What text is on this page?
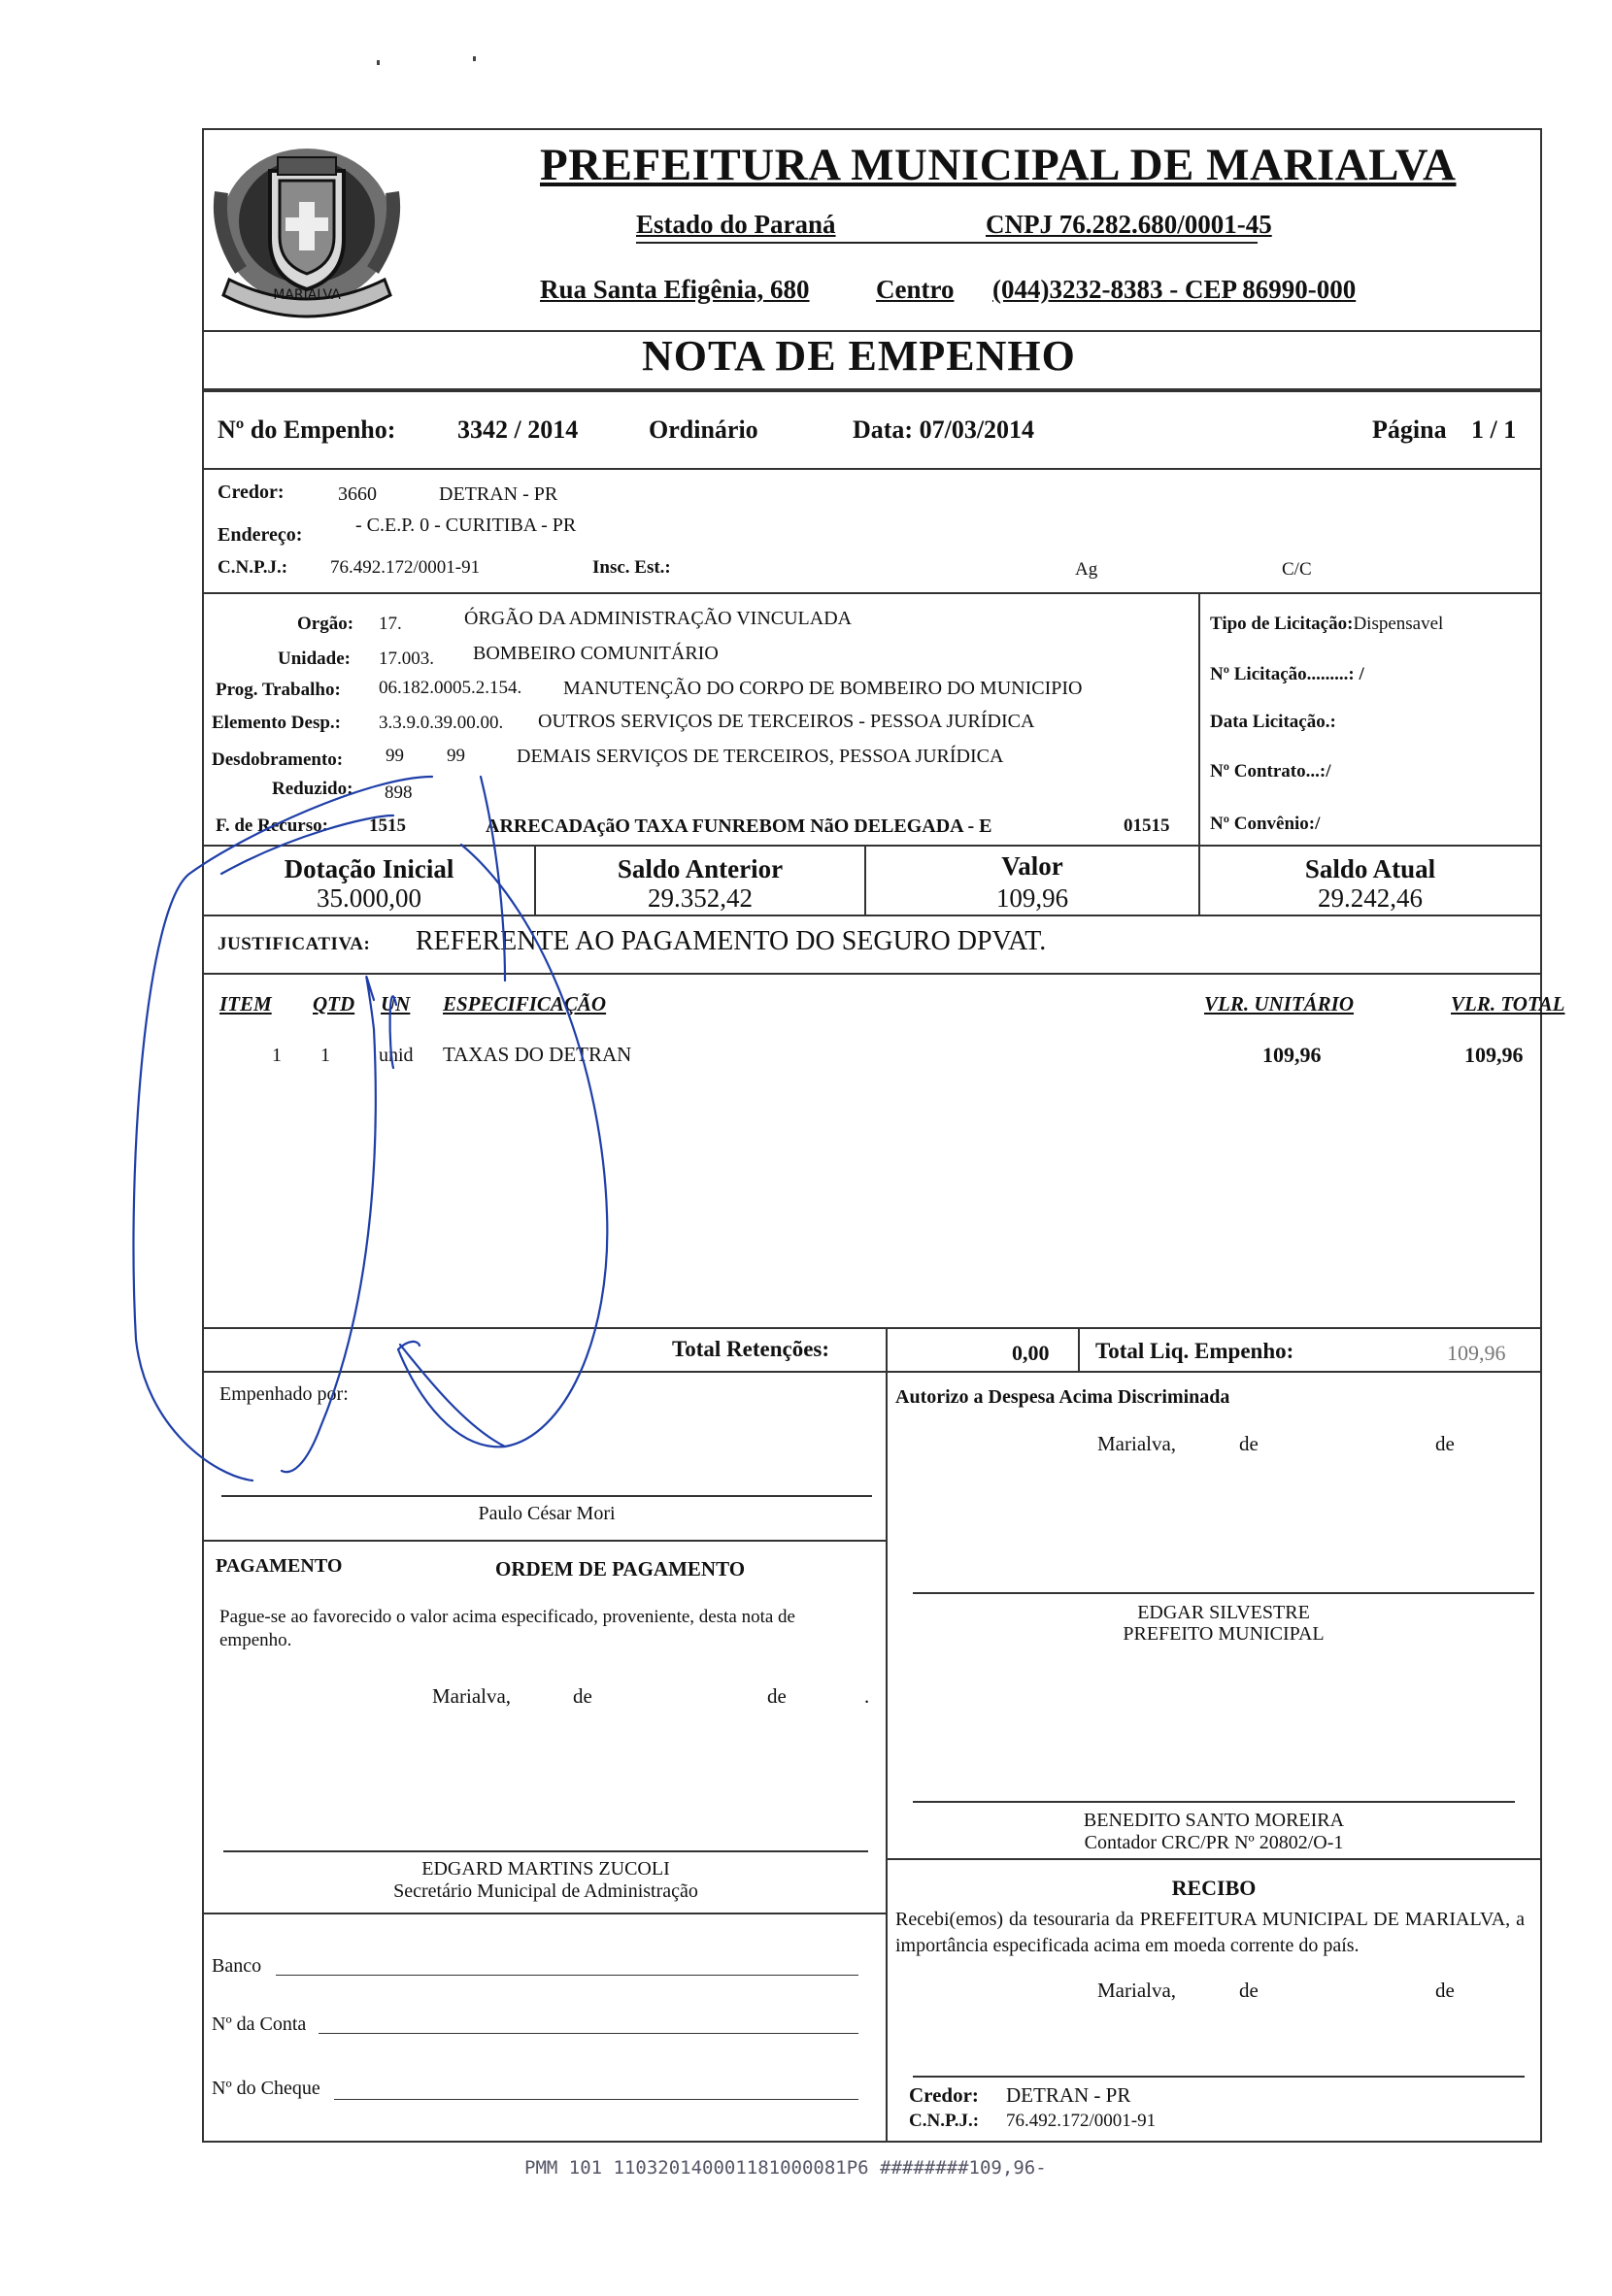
MARIALVA
PREFEITURA MUNICIPAL DE MARIALVA
Estado do Paraná	CNPJ 76.282.680/0001-45
Rua Santa Efigênia, 680	Centro (044)3232-8383 - CEP 86990-000
NOTA DE EMPENHO
Nº do Empenho: 3342 / 2014	Ordinário	Data: 07/03/2014	Página 1 / 1
Credor:	3660	DETRAN - PR
Endereço:	- C.E.P. 0 - CURITIBA - PR
C.N.P.J.: 76.492.172/0001-91	Insc. Est.:	Ag	C/C
Orgão: 17.	ÓRGÃO DA ADMINISTRAÇÃO VINCULADA
Unidade: 17.003. BOMBEIRO COMUNITÁRIO
Prog. Trabalho: 06.182.0005.2.154. MANUTENÇÃO DO CORPO DE BOMBEIRO DO MUNICIPIO
Elemento Desp.: 3.3.9.0.39.00.00. OUTROS SERVIÇOS DE TERCEIROS - PESSOA JURÍDICA
Desdobramento: 99 99	DEMAIS SERVIÇOS DE TERCEIROS, PESSOA JURÍDICA
Reduzido: 898
F. de Recurso: 1515	ARRECADAçãO TAXA FUNREBOM NãO DELEGADA - E	01515
Tipo de Licitação:Dispensavel
Nº Licitação.........: /
Data Licitação.:
Nº Contrato...:/
Nº Convênio:/
Dotação Inicial
35.000,00
Saldo Anterior
29.352,42
Valor
109,96
Saldo Atual
29.242,46
JUSTIFICATIVA: REFERENTE AO PAGAMENTO DO SEGURO DPVAT.
ITEM QTD UN ESPECIFICAÇÃO	VLR. UNITÁRIO	VLR. TOTAL
1 1	unid TAXAS DO DETRAN	109,96	109,96
Total Retenções:	0,00 Total Liq. Empenho:	109,96
Empenhado por:	Autorizo a Despesa Acima Discriminada
Marialva,	de	de
Paulo César Mori
PAGAMENTO	ORDEM DE PAGAMENTO
Pague-se ao favorecido o valor acima especificado, proveniente, desta nota de empenho.
Marialva,	de	de	.
EDGAR SILVESTRE
PREFEITO MUNICIPAL
BENEDITO SANTO MOREIRA
Contador CRC/PR Nº 20802/O-1
EDGARD MARTINS ZUCOLI
Secretário Municipal de Administração	RECIBO
Recebi(emos) da tesouraria da PREFEITURA MUNICIPAL DE MARIALVA, a importância especificada acima em moeda corrente do país.
Marialva,	de	de
Credor: DETRAN - PR
C.N.P.J.: 76.492.172/0001-91
Banco
Nº da Conta
Nº do Cheque
PMM 101 110320140001181000081P6 ########109,96-
